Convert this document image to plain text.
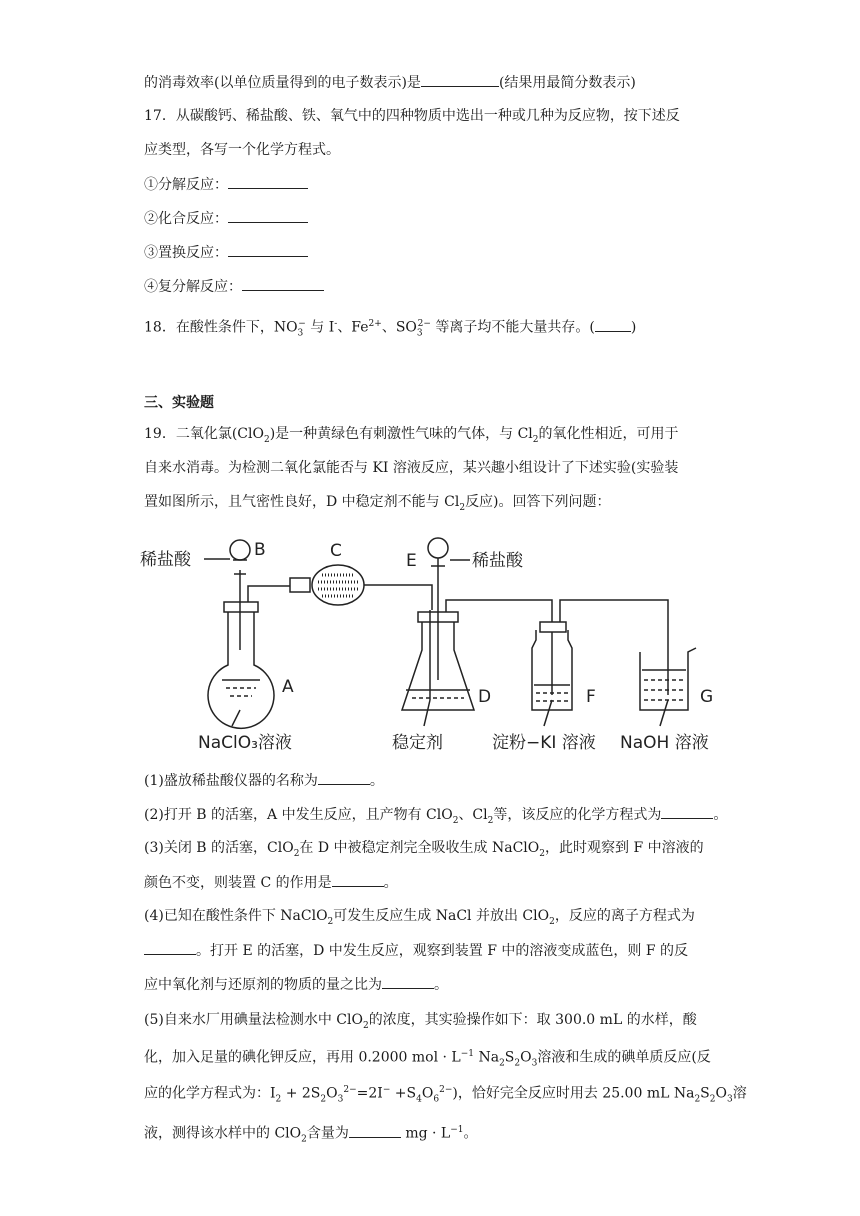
的消毒效率(以单位质量得到的电子数表示)是	(结果用最简分数表示)
17．从碳酸钙、稀盐酸、铁、氧气中的四种物质中选出一种或几种为反应物，按下述反
应类型，各写一个化学方程式。
①分解反应：
②化合反应：
③置换反应：
④复分解反应：
18．在酸性条件下，$NO_3^-$ 与 I-、$Fe^{2+}$、$SO_3^{2-}$ 等离子均不能大量共存。(	)
三、实验题
19．二氧化氯(ClO$_2$)是一种黄绿色有刺激性气味的气体，与 $Cl_2$的氧化性相近，可用于
自来水消毒。为检测二氧化氯能否与 KI 溶液反应，某兴趣小组设计了下述实验(实验装
置如图所示，且气密性良好，D 中稳定剂不能与 $Cl_2$反应)。回答下列问题：
稀盐酸	B	C	E	稀盐酸
A	D	F	G
NaClO₃溶液	稳定剂	淀粉−KI 溶液 NaOH 溶液
(1)盛放稀盐酸仪器的名称为	。
(2)打开 B 的活塞，A 中发生反应，且产物有 ClO$_2$、$Cl_2$等，该反应的化学方程式为	。
(3)关闭 B 的活塞，ClO$_2$在 D 中被稳定剂完全吸收生成 NaClO$_2$，此时观察到 F 中溶液的
颜色不变，则装置 C 的作用是	。
(4)已知在酸性条件下 NaClO$_2$可发生反应生成 NaCl 并放出 ClO$_2$，反应的离子方程式为
。打开 E 的活塞，D 中发生反应，观察到装置 F 中的溶液变成蓝色，则 F 的反
应中氧化剂与还原剂的物质的量之比为	。
(5)自来水厂用碘量法检测水中 ClO$_2$的浓度，其实验操作如下：取 300.0 mL 的水样，酸
化，加入足量的碘化钾反应，再用 0.2000 mol · $L^{-1}$ $Na_2S_2O_3$溶液和生成的碘单质反应(反
应的化学方程式为：$I_2 + 2S_2O_3^{2-}=2I^- +S_4O_6^{2-}$)，恰好完全反应时用去 25.00 mL $Na_2S_2O_3$溶
液，测得该水样中的 ClO$_2$含量为	mg · $L^{-1}$。
